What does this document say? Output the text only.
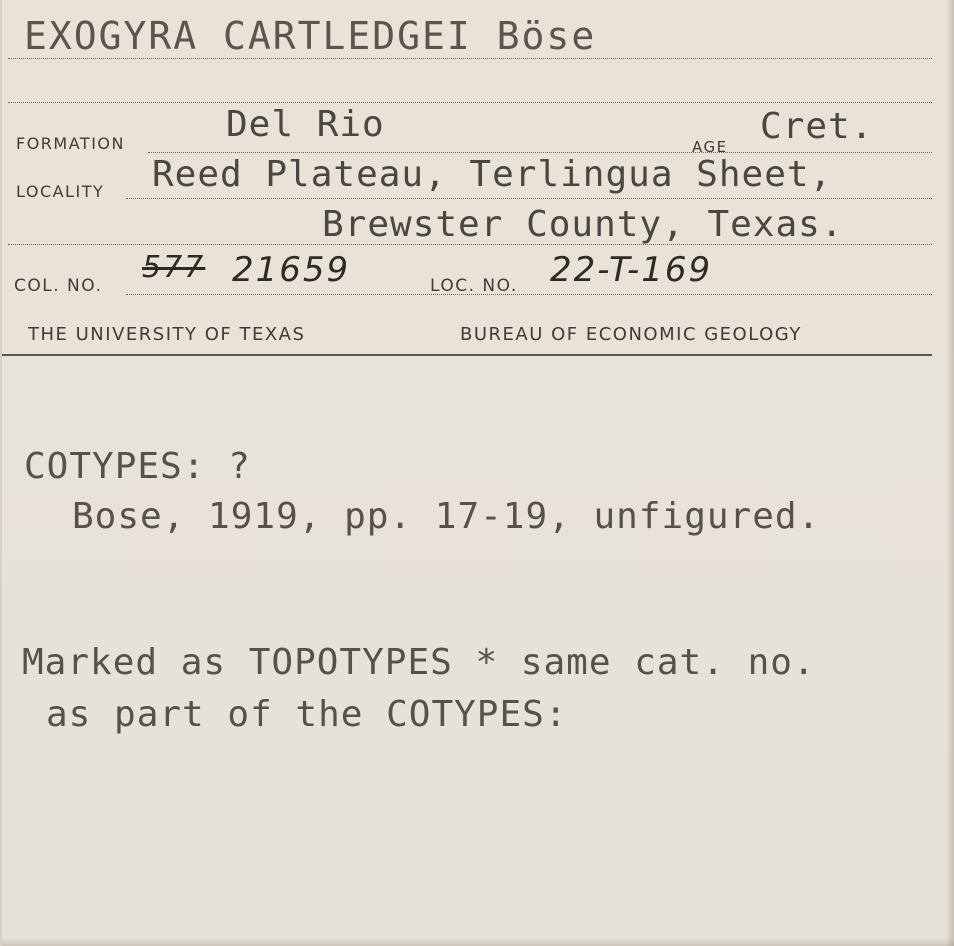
EXOGYRA CARTLEDGEI Bӧse
FORMATION	Del Rio
AGE Cret.
LOCALITY Reed Plateau, Terlingua Sheet,
Brewster County, Texas.
COL. NO.
577 21659	LOC. NO. 22-T-169
THE UNIVERSITY OF TEXAS	BUREAU OF ECONOMIC GEOLOGY
COTYPES: ?
Bose, 1919, pp. 17-19, unfigured.
Marked as TOPOTYPES * same cat. no.
as part of the COTYPES:
